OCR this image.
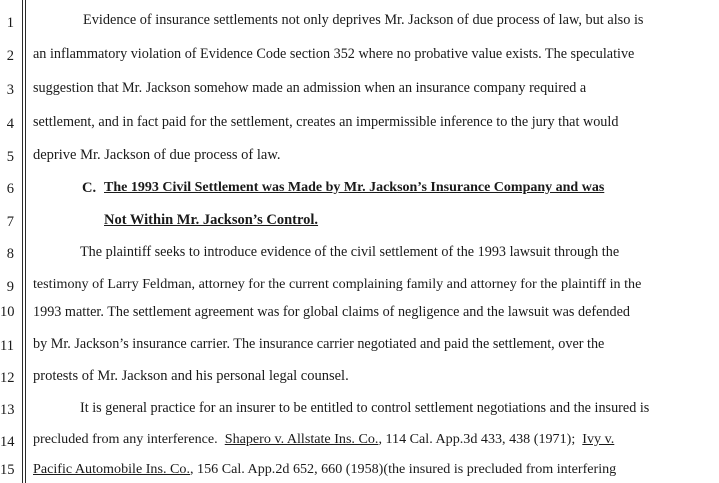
1
2
3
4
5
6
7
8
9
10
11
12
13
14
15
Evidence of insurance settlements not only deprives Mr. Jackson of due process of law, but also is
an inflammatory violation of Evidence Code section 352 where no probative value exists. The speculative
suggestion that Mr. Jackson somehow made an admission when an insurance company required a
settlement, and in fact paid for the settlement, creates an impermissible inference to the jury that would
deprive Mr. Jackson of due process of law.
C. The 1993 Civil Settlement was Made by Mr. Jackson’s Insurance Company and was
Not Within Mr. Jackson’s Control.
The plaintiff seeks to introduce evidence of the civil settlement of the 1993 lawsuit through the
testimony of Larry Feldman, attorney for the current complaining family and attorney for the plaintiff in the
1993 matter. The settlement agreement was for global claims of negligence and the lawsuit was defended
by Mr. Jackson’s insurance carrier. The insurance carrier negotiated and paid the settlement, over the
protests of Mr. Jackson and his personal legal counsel.
It is general practice for an insurer to be entitled to control settlement negotiations and the insured is
precluded from any interference. Shapero v. Allstate Ins. Co., 114 Cal. App.3d 433, 438 (1971); Ivy v.
Pacific Automobile Ins. Co., 156 Cal. App.2d 652, 660 (1958)(the insured is precluded from interfering
